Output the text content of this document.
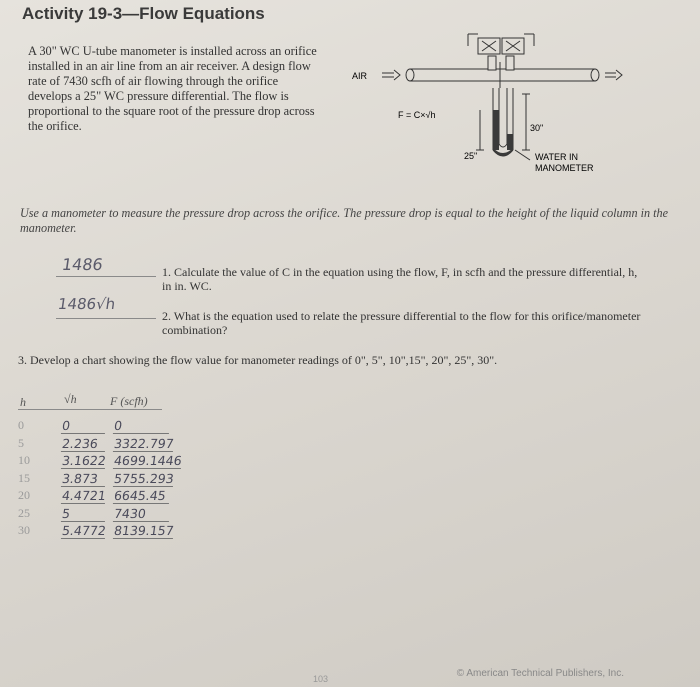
Activity 19-3—Flow Equations
A 30" WC U-tube manometer is installed across an orifice installed in an air line from an air receiver. A design flow rate of 7430 scfh of air flowing through the orifice develops a 25" WC pressure differential. The flow is proportional to the square root of the pressure drop across the orifice.
AIR
F = C×√h
30"
25"	WATER IN
MANOMETER
Use a manometer to measure the pressure drop across the orifice. The pressure drop is equal to the height of the liquid column in the manometer.
1486	1. Calculate the value of C in the equation using the flow, F, in scfh and the pressure differential, h, in in. WC.
1486√h
2. What is the equation used to relate the pressure differential to the flow for this orifice/manometer combination?
3. Develop a chart showing the flow value for manometer readings of 0", 5", 10",15", 20", 25", 30".
h	√h	F (scfh)
0	0	0
5	2.236	3322.797
10	3.1622 4699.1446
15	3.873	5755.293
20	4.4721 6645.45
25	5	7430
30	5.4772 8139.157
103	© American Technical Publishers, Inc.
